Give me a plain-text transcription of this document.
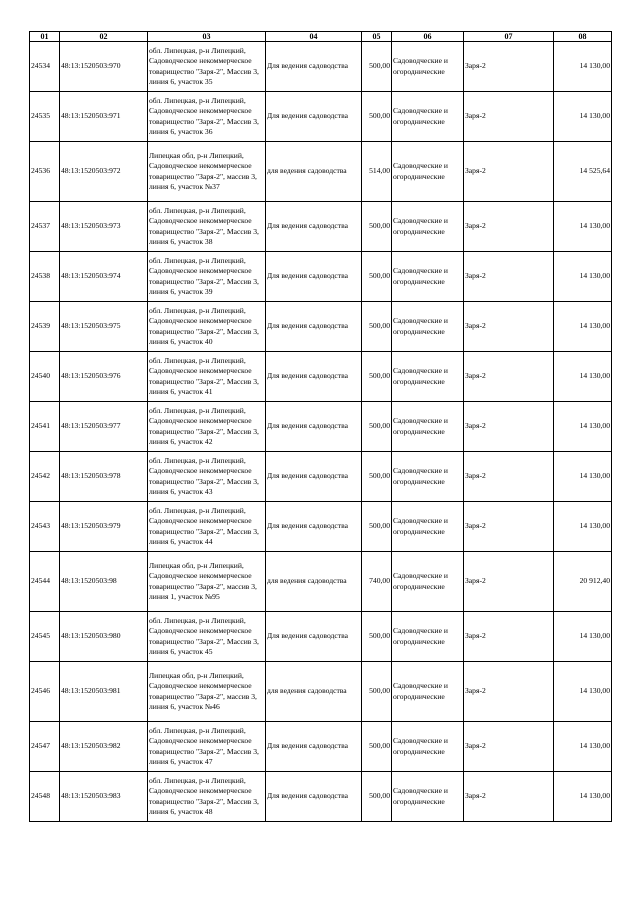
01	02	03	04	05	06	07	08
24534	48:13:1520503:970	обл. Липецкая, р-н Липецкий, Садоводческое некоммерческое товарищество "Заря-2", Массив 3, линия 6, участок 35	Для ведения садоводства	500,00	Садоводческие и огороднические	Заря-2	14 130,00
24535	48:13:1520503:971	обл. Липецкая, р-н Липецкий, Садоводческое некоммерческое товарищество "Заря-2", Массив 3, линия 6, участок 36	Для ведения садоводства	500,00	Садоводческие и огороднические	Заря-2	14 130,00
24536	48:13:1520503:972	Липецкая обл, р-н Липецкий, Садоводческое некоммерческое товарищество "Заря-2", массив 3, линия 6, участок №37	для ведения садоводства	514,00	Садоводческие и огороднические	Заря-2	14 525,64
24537	48:13:1520503:973	обл. Липецкая, р-н Липецкий, Садоводческое некоммерческое товарищество "Заря-2", Массив 3, линия 6, участок 38	Для ведения садоводства	500,00	Садоводческие и огороднические	Заря-2	14 130,00
24538	48:13:1520503:974	обл. Липецкая, р-н Липецкий, Садоводческое некоммерческое товарищество "Заря-2", Массив 3, линия 6, участок 39	Для ведения садоводства	500,00	Садоводческие и огороднические	Заря-2	14 130,00
24539	48:13:1520503:975	обл. Липецкая, р-н Липецкий, Садоводческое некоммерческое товарищество "Заря-2", Массив 3, линия 6, участок 40	Для ведения садоводства	500,00	Садоводческие и огороднические	Заря-2	14 130,00
24540	48:13:1520503:976	обл. Липецкая, р-н Липецкий, Садоводческое некоммерческое товарищество "Заря-2", Массив 3, линия 6, участок 41	Для ведения садоводства	500,00	Садоводческие и огороднические	Заря-2	14 130,00
24541	48:13:1520503:977	обл. Липецкая, р-н Липецкий, Садоводческое некоммерческое товарищество "Заря-2", Массив 3, линия 6, участок 42	Для ведения садоводства	500,00	Садоводческие и огороднические	Заря-2	14 130,00
24542	48:13:1520503:978	обл. Липецкая, р-н Липецкий, Садоводческое некоммерческое товарищество "Заря-2", Массив 3, линия 6, участок 43	Для ведения садоводства	500,00	Садоводческие и огороднические	Заря-2	14 130,00
24543	48:13:1520503:979	обл. Липецкая, р-н Липецкий, Садоводческое некоммерческое товарищество "Заря-2", Массив 3, линия 6, участок 44	Для ведения садоводства	500,00	Садоводческие и огороднические	Заря-2	14 130,00
24544	48:13:1520503:98	Липецкая обл, р-н Липецкий, Садоводческое некоммерческое товарищество "Заря-2", массив 3, линия 1, участок №95	для ведения садоводства	740,00	Садоводческие и огороднические	Заря-2	20 912,40
24545	48:13:1520503:980	обл. Липецкая, р-н Липецкий, Садоводческое некоммерческое товарищество "Заря-2", Массив 3, линия 6, участок 45	Для ведения садоводства	500,00	Садоводческие и огороднические	Заря-2	14 130,00
24546	48:13:1520503:981	Липецкая обл, р-н Липецкий, Садоводческое некоммерческое товарищество "Заря-2", массив 3, линия 6, участок №46	для ведения садоводства	500,00	Садоводческие и огороднические	Заря-2	14 130,00
24547	48:13:1520503:982	обл. Липецкая, р-н Липецкий, Садоводческое некоммерческое товарищество "Заря-2", Массив 3, линия 6, участок 47	Для ведения садоводства	500,00	Садоводческие и огороднические	Заря-2	14 130,00
24548	48:13:1520503:983	обл. Липецкая, р-н Липецкий, Садоводческое некоммерческое товарищество "Заря-2", Массив 3, линия 6, участок 48	Для ведения садоводства	500,00	Садоводческие и огороднические	Заря-2	14 130,00
